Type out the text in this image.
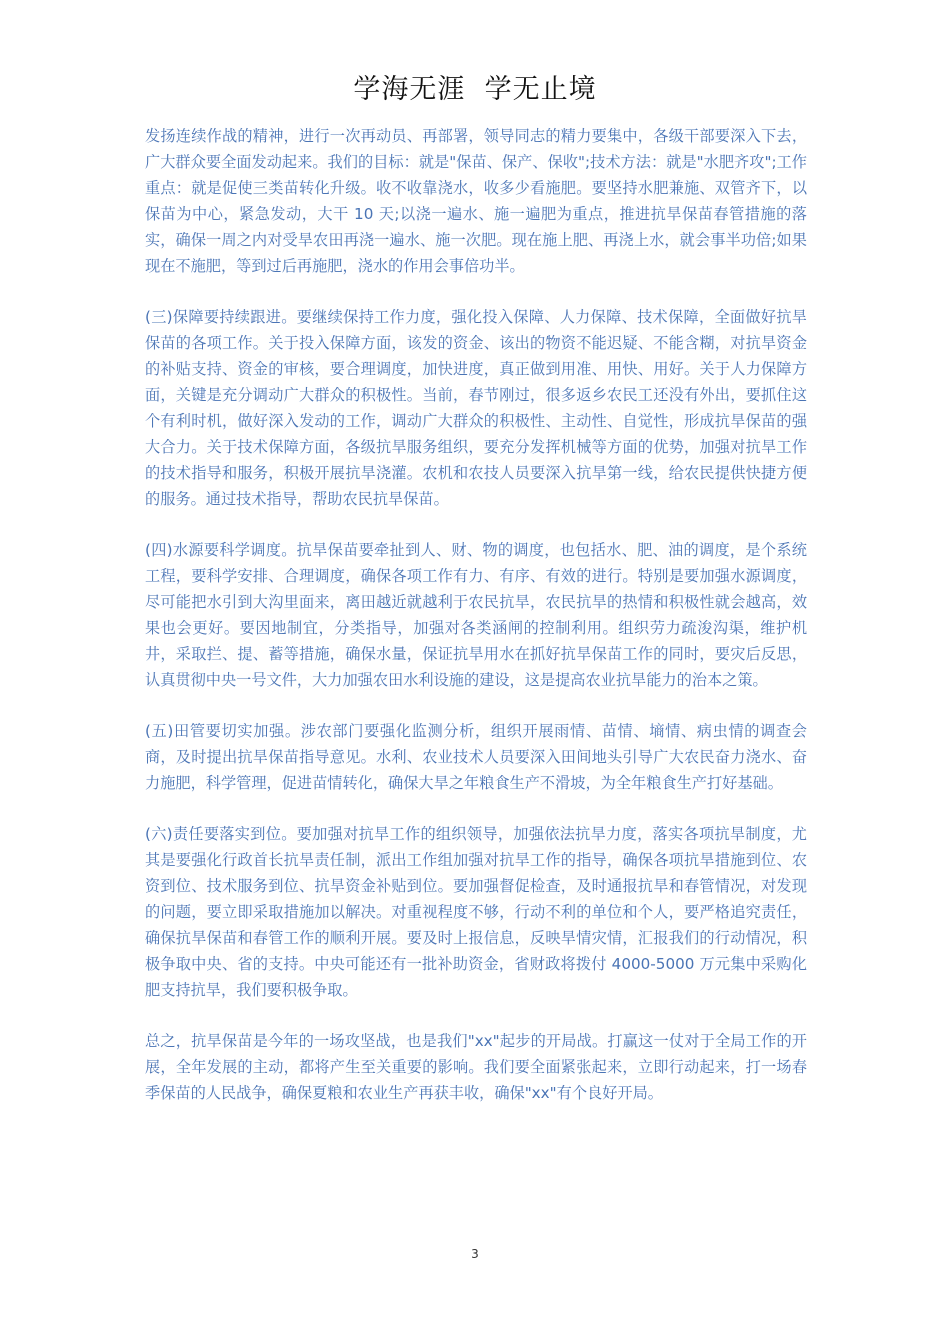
学海无涯  学无止境

发扬连续作战的精神，进行一次再动员、再部署，领导同志的精力要集中，各级干部要深入下去，广大群众要全面发动起来。我们的目标：就是"保苗、保产、保收";技术方法：就是"水肥齐攻";工作重点：就是促使三类苗转化升级。收不收靠浇水，收多少看施肥。要坚持水肥兼施、双管齐下，以保苗为中心，紧急发动，大干 10 天;以浇一遍水、施一遍肥为重点，推进抗旱保苗春管措施的落实，确保一周之内对受旱农田再浇一遍水、施一次肥。现在施上肥、再浇上水，就会事半功倍;如果现在不施肥，等到过后再施肥，浇水的作用会事倍功半。

(三)保障要持续跟进。要继续保持工作力度，强化投入保障、人力保障、技术保障，全面做好抗旱保苗的各项工作。关于投入保障方面，该发的资金、该出的物资不能迟疑、不能含糊，对抗旱资金的补贴支持、资金的审核，要合理调度，加快进度，真正做到用准、用快、用好。关于人力保障方面，关键是充分调动广大群众的积极性。当前，春节刚过，很多返乡农民工还没有外出，要抓住这个有利时机，做好深入发动的工作，调动广大群众的积极性、主动性、自觉性，形成抗旱保苗的强大合力。关于技术保障方面，各级抗旱服务组织，要充分发挥机械等方面的优势，加强对抗旱工作的技术指导和服务，积极开展抗旱浇灌。农机和农技人员要深入抗旱第一线，给农民提供快捷方便的服务。通过技术指导，帮助农民抗旱保苗。

(四)水源要科学调度。抗旱保苗要牵扯到人、财、物的调度，也包括水、肥、油的调度，是个系统工程，要科学安排、合理调度，确保各项工作有力、有序、有效的进行。特别是要加强水源调度，尽可能把水引到大沟里面来，离田越近就越利于农民抗旱，农民抗旱的热情和积极性就会越高，效果也会更好。要因地制宜，分类指导，加强对各类涵闸的控制利用。组织劳力疏浚沟渠，维护机井，采取拦、提、蓄等措施，确保水量，保证抗旱用水在抓好抗旱保苗工作的同时，要灾后反思，认真贯彻中央一号文件，大力加强农田水利设施的建设，这是提高农业抗旱能力的治本之策。

(五)田管要切实加强。涉农部门要强化监测分析，组织开展雨情、苗情、墒情、病虫情的调查会商，及时提出抗旱保苗指导意见。水利、农业技术人员要深入田间地头引导广大农民奋力浇水、奋力施肥，科学管理，促进苗情转化，确保大旱之年粮食生产不滑坡，为全年粮食生产打好基础。

(六)责任要落实到位。要加强对抗旱工作的组织领导，加强依法抗旱力度，落实各项抗旱制度，尤其是要强化行政首长抗旱责任制，派出工作组加强对抗旱工作的指导，确保各项抗旱措施到位、农资到位、技术服务到位、抗旱资金补贴到位。要加强督促检查，及时通报抗旱和春管情况，对发现的问题，要立即采取措施加以解决。对重视程度不够，行动不利的单位和个人，要严格追究责任，确保抗旱保苗和春管工作的顺利开展。要及时上报信息，反映旱情灾情，汇报我们的行动情况，积极争取中央、省的支持。中央可能还有一批补助资金，省财政将拨付 4000-5000 万元集中采购化肥支持抗旱，我们要积极争取。

总之，抗旱保苗是今年的一场攻坚战，也是我们"xx"起步的开局战。打赢这一仗对于全局工作的开展，全年发展的主动，都将产生至关重要的影响。我们要全面紧张起来，立即行动起来，打一场春季保苗的人民战争，确保夏粮和农业生产再获丰收，确保"xx"有个良好开局。

3
